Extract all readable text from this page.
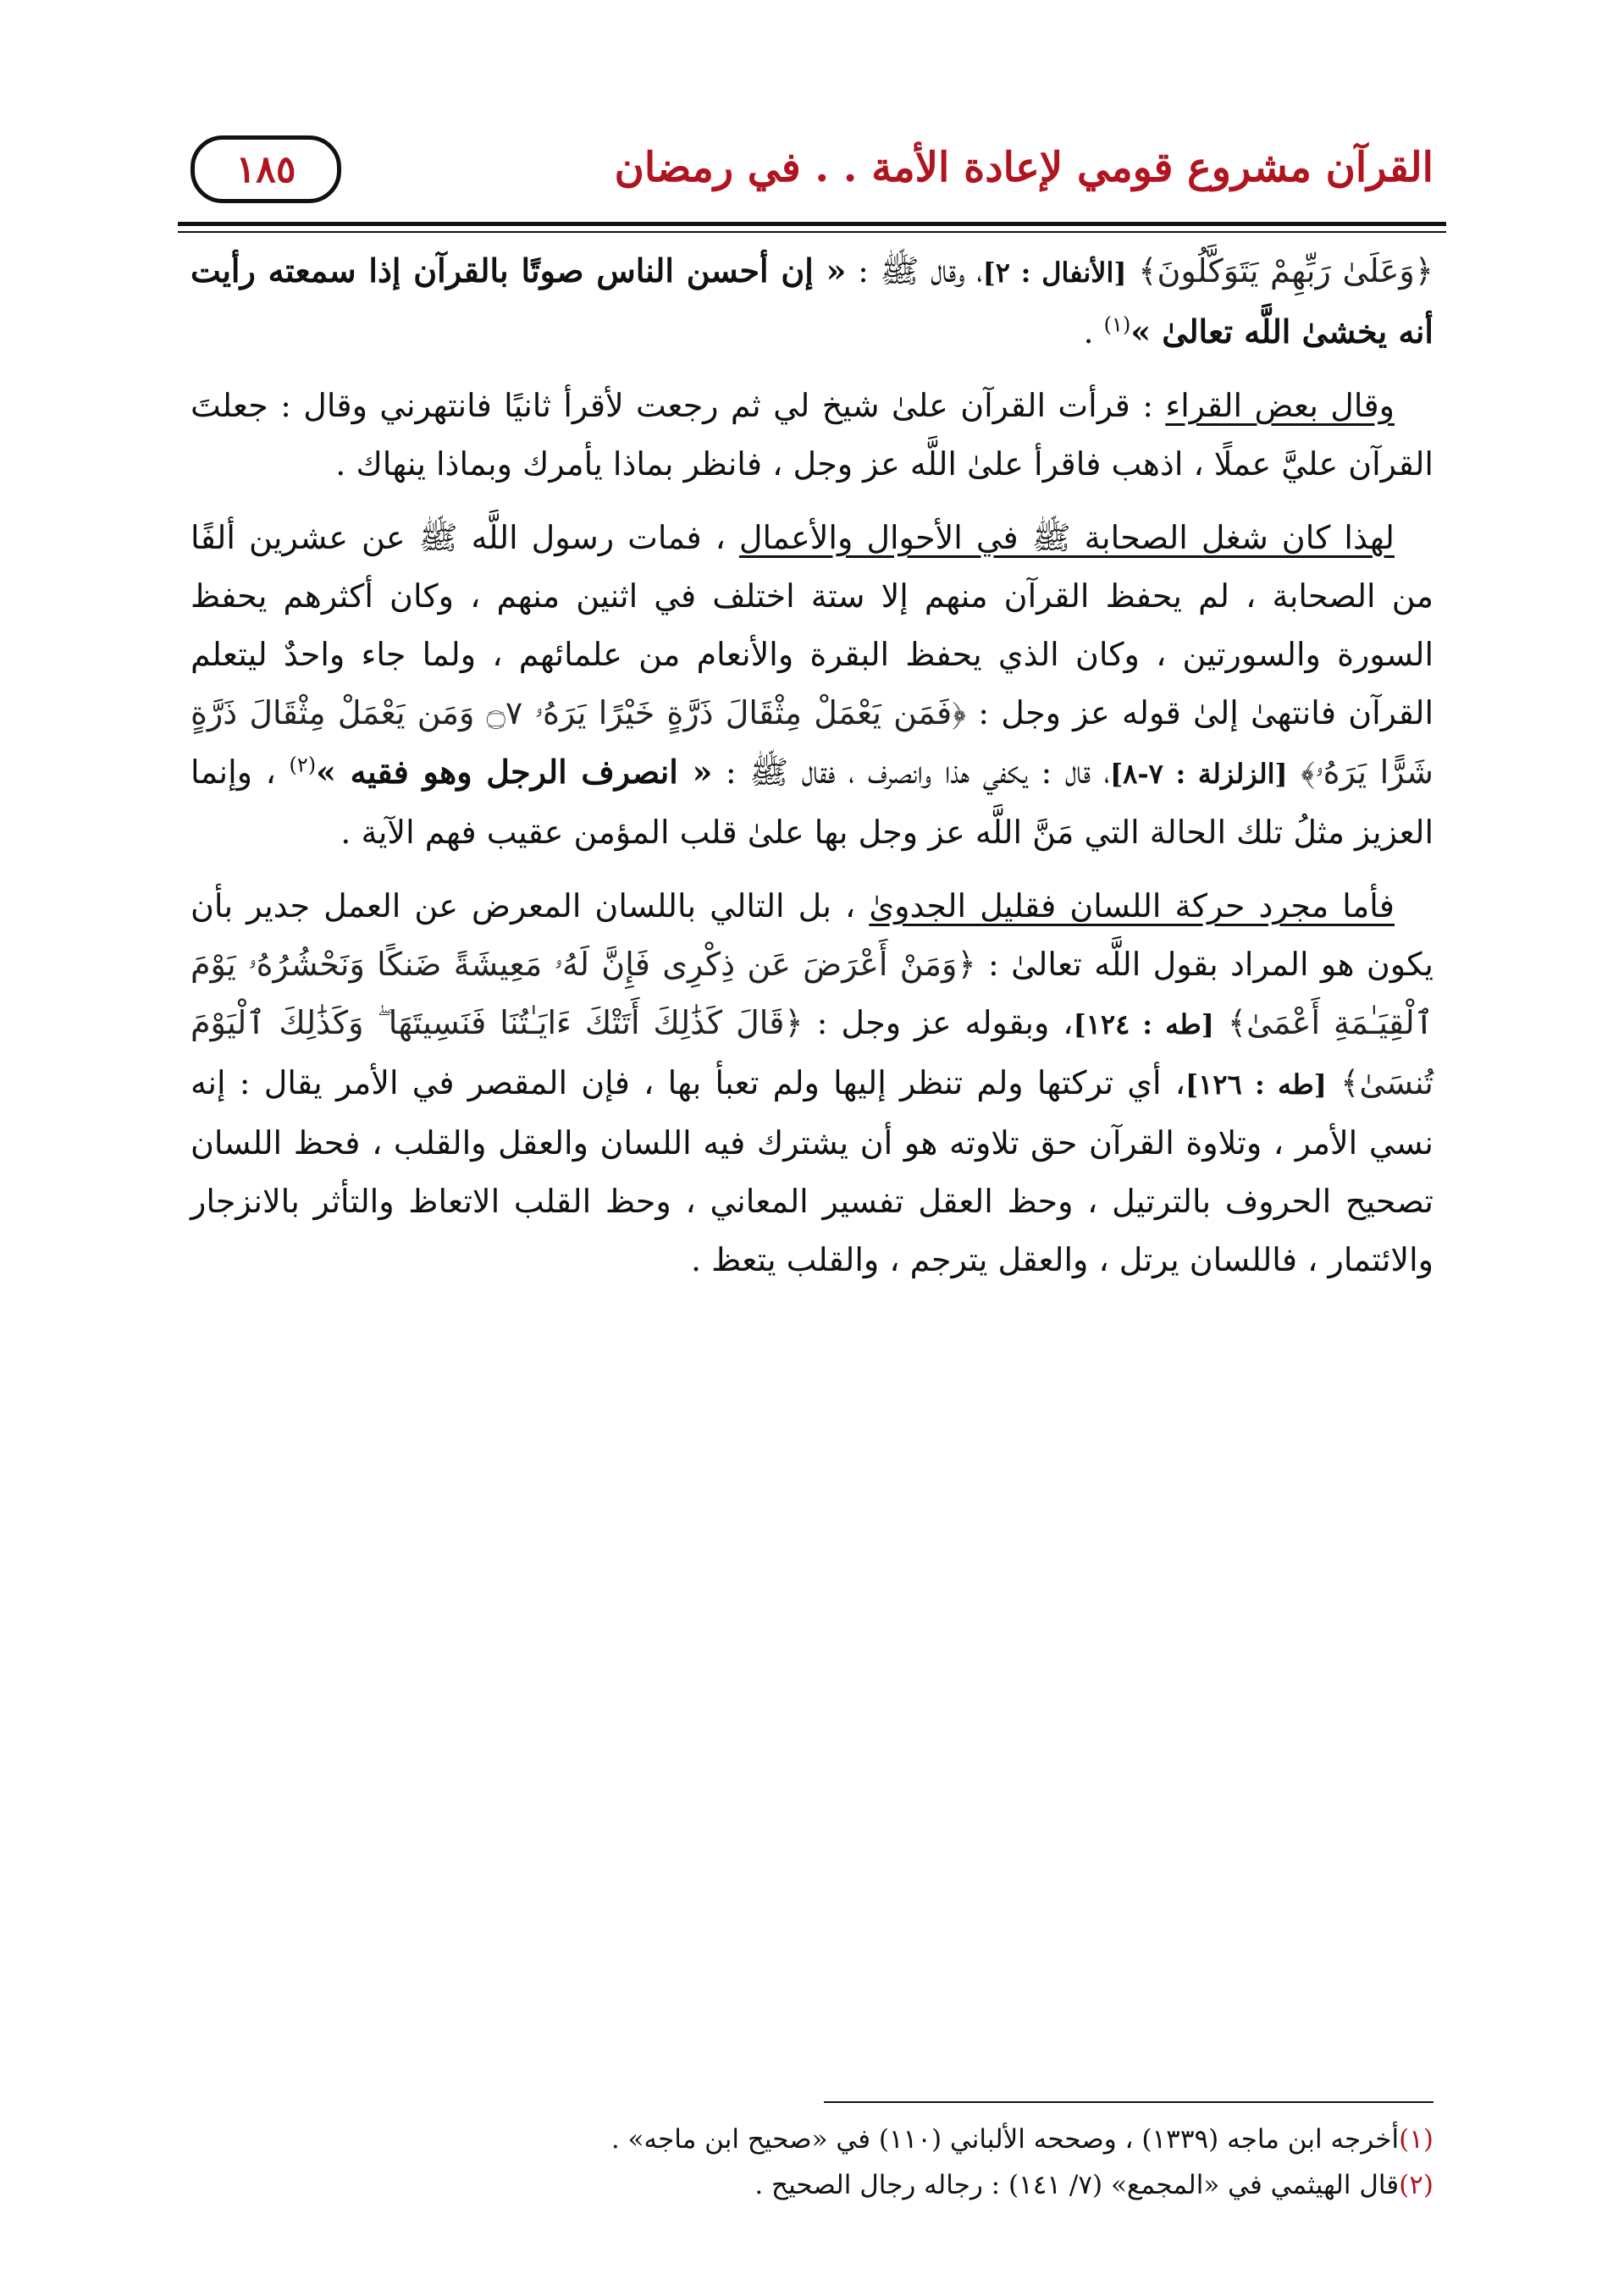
القرآن مشروع قومي لإعادة الأمة . . في رمضان
١٨٥

﴿وَعَلَىٰ رَبِّهِمْ يَتَوَكَّلُونَ﴾ [الأنفال : ٢]، وقال ﷺ : « إن أحسن الناس صوتًا بالقرآن إذا سمعته رأيت أنه يخشىٰ اللَّه تعالىٰ »$^{(١)}$ .

وقال بعض القراء : قرأت القرآن علىٰ شيخ لي ثم رجعت لأقرأ ثانيًا فانتهرني وقال : جعلتَ القرآن عليَّ عملًا ، اذهب فاقرأ علىٰ اللَّه عز وجل ، فانظر بماذا يأمرك وبماذا ينهاك .

لهذا كان شغل الصحابة ﷺ في الأحوال والأعمال ، فمات رسول اللَّه ﷺ عن عشرين ألفًا من الصحابة ، لم يحفظ القرآن منهم إلا ستة اختلف في اثنين منهم ، وكان أكثرهم يحفظ السورة والسورتين ، وكان الذي يحفظ البقرة والأنعام من علمائهم ، ولما جاء واحدٌ ليتعلم القرآن فانتهىٰ إلىٰ قوله عز وجل : ﴿فَمَن يَعْمَلْ مِثْقَالَ ذَرَّةٍ خَيْرًا يَرَهُۥ ۝٧ وَمَن يَعْمَلْ مِثْقَالَ ذَرَّةٍ شَرًّا يَرَهُۥ﴾ [الزلزلة : ٧-٨]، قال : يكفي هذا وانصرف ، فقال ﷺ : « انصرف الرجل وهو فقيه »$^{(٢)}$ ، وإنما العزيز مثلُ تلك الحالة التي مَنَّ اللَّه عز وجل بها علىٰ قلب المؤمن عقيب فهم الآية .

فأما مجرد حركة اللسان فقليل الجدوىٰ ، بل التالي باللسان المعرض عن العمل جدير بأن يكون هو المراد بقول اللَّه تعالىٰ : ﴿وَمَنْ أَعْرَضَ عَن ذِكْرِى فَإِنَّ لَهُۥ مَعِيشَةً ضَنكًا وَنَحْشُرُهُۥ يَوْمَ ٱلْقِيَـٰمَةِ أَعْمَىٰ﴾ [طه : ١٢٤]، وبقوله عز وجل : ﴿قَالَ كَذَٰلِكَ أَتَتْكَ ءَايَـٰتُنَا فَنَسِيتَهَا ۖ وَكَذَٰلِكَ ٱلْيَوْمَ تُنسَىٰ﴾ [طه : ١٢٦]، أي تركتها ولم تنظر إليها ولم تعبأ بها ، فإن المقصر في الأمر يقال : إنه نسي الأمر ، وتلاوة القرآن حق تلاوته هو أن يشترك فيه اللسان والعقل والقلب ، فحظ اللسان تصحيح الحروف بالترتيل ، وحظ العقل تفسير المعاني ، وحظ القلب الاتعاظ والتأثر بالانزجار والائتمار ، فاللسان يرتل ، والعقل يترجم ، والقلب يتعظ .

(١)أخرجه ابن ماجه (١٣٣٩) ، وصححه الألباني (١١٠) في «صحيح ابن ماجه» .

(٢)قال الهيثمي في «المجمع» (٧/ ١٤١) : رجاله رجال الصحيح .
